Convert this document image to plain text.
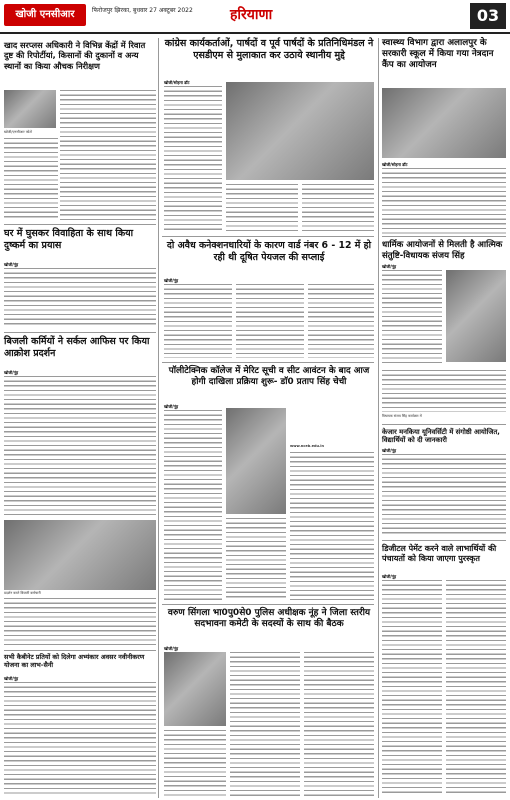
खोजी एनसीआर	फिरोजपुर झिरका, बुधवार 27 अक्टूबर 2022	हरियाणा	03
खाद सरप्लस अधिकारी ने विभिन्न केंद्रों में रिवात दुष्ट की रिपोर्टीयां, किसानों की दुकानों व अन्य स्थानों का किया औचक निरीक्षण
खोजी/एनसीआर फोटो
घर में घुसकर विवाहिता के साथ किया दुष्कर्म का प्रयास
खोजी/नूंह
बिजली कर्मियों ने सर्कल आफिस पर किया आक्रोश प्रदर्शन
खोजी/नूंह
प्रदर्शन करते बिजली कर्मचारी
सभी कैबीनेट प्रतियों को दिलेगा अभ्यंकार अवसर नवीनीकरण योजना का लाभ-सैनी
खोजी/नूंह
कांग्रेस कार्यकर्ताओं, पार्षदों व पूर्व पार्षदों के प्रतिनिधिमंडल ने एसडीएम से मुलाकात कर उठाये स्थानीय मुद्दे
खोजी/सोहना डॉट
दो अवैध कनेक्शनधारियों के कारण वार्ड नंबर 6 - 12 में हो रही थी दूषित पेयजल की सप्लाई
खोजी/नूंह
पॉलीटेक्निक कॉलेज में मेरिट सूची व सीट आवंटन के बाद आज होगी दाखिला प्रक्रिया शुरू- डाॅ0 प्रताप सिंह चेची
खोजी/नूंह
www.nceb.edu.in
वरुण सिंगला भा0पु0से0 पुलिस अधीक्षक नूंह ने जिला स्तरीय सदभावना कमेटी के सदस्यों के साथ की बैठक
खोजी/नूंह
स्वास्थ्य विभाग द्वारा अलालपुर के सरकारी स्कूल में किया गया नेत्रदान कैंप का आयोजन
खोजी/सोहना डॉट
धार्मिक आयोजनों से मिलती है आत्मिक संतुष्टि-विधायक संजय सिंह
खोजी/नूंह
विधायक संजय सिंह कार्यक्रम में
केजार मनकिया यूनिवर्सिटी में संगोष्ठी आयोजित, विद्यार्थियों को दी जानकारी
खोजी/नूंह
डिजीटल पेमेंट करने वाले लाभार्थियों की पंचायतों को किया जाएगा पुरस्कृत
खोजी/नूंह
